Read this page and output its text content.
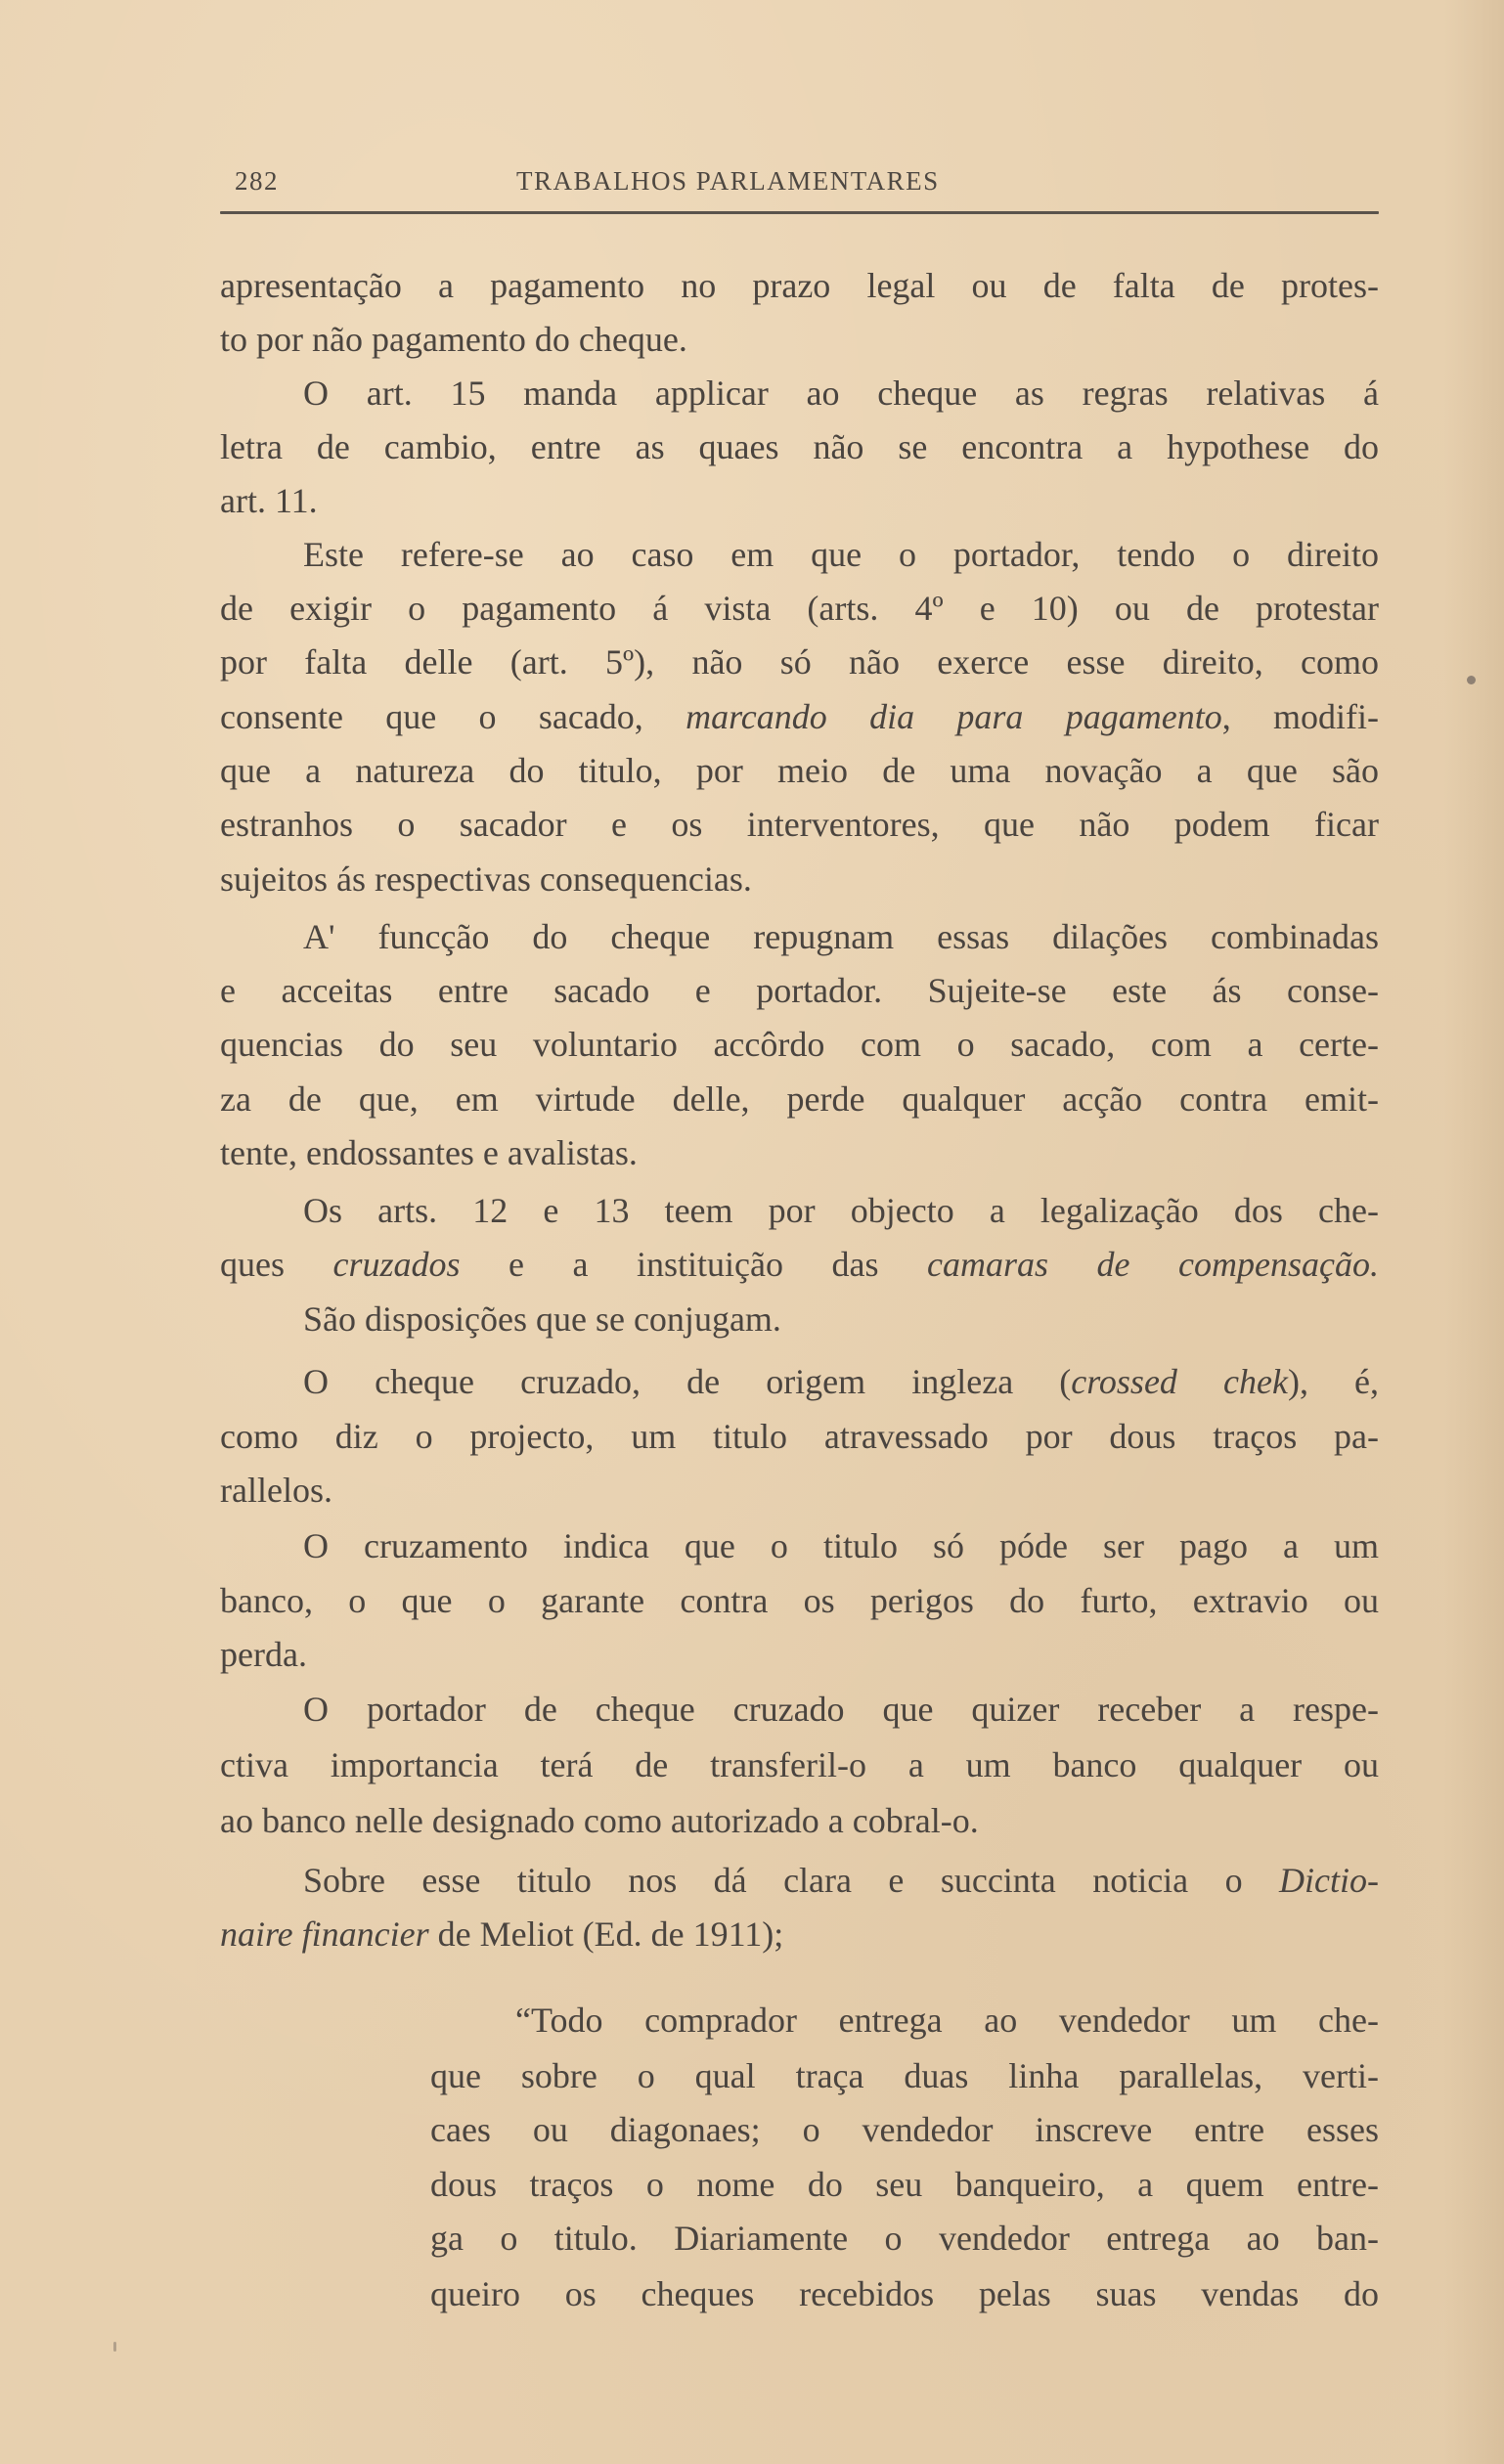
282	TRABALHOS PARLAMENTARES
apresentação a pagamento no prazo legal ou de falta de protes-
to por não pagamento do cheque.
O art. 15 manda applicar ao cheque as regras relativas á
letra de cambio, entre as quaes não se encontra a hypothese do
art. 11.
Este refere-se ao caso em que o portador, tendo o direito
de exigir o pagamento á vista (arts. 4º e 10) ou de protestar
por falta delle (art. 5º), não só não exerce esse direito, como
consente que o sacado, marcando dia para pagamento, modifi-
que a natureza do titulo, por meio de uma novação a que são
estranhos o sacador e os interventores, que não podem ficar
sujeitos ás respectivas consequencias.
A' funcção do cheque repugnam essas dilações combinadas
e acceitas entre sacado e portador. Sujeite-se este ás conse-
quencias do seu voluntario accôrdo com o sacado, com a certe-
za de que, em virtude delle, perde qualquer acção contra emit-
tente, endossantes e avalistas.
Os arts. 12 e 13 teem por objecto a legalização dos che-
ques cruzados e a instituição das camaras de compensação.
São disposições que se conjugam.
O cheque cruzado, de origem ingleza (crossed chek), é,
como diz o projecto, um titulo atravessado por dous traços pa-
rallelos.
O cruzamento indica que o titulo só póde ser pago a um
banco, o que o garante contra os perigos do furto, extravio ou
perda.
O portador de cheque cruzado que quizer receber a respe-
ctiva importancia terá de transferil-o a um banco qualquer ou
ao banco nelle designado como autorizado a cobral-o.
Sobre esse titulo nos dá clara e succinta noticia o Dictio-
naire financier de Meliot (Ed. de 1911);
“Todo comprador entrega ao vendedor um che-
que sobre o qual traça duas linha parallelas, verti-
caes ou diagonaes; o vendedor inscreve entre esses
dous traços o nome do seu banqueiro, a quem entre-
ga o titulo. Diariamente o vendedor entrega ao ban-
queiro os cheques recebidos pelas suas vendas do
